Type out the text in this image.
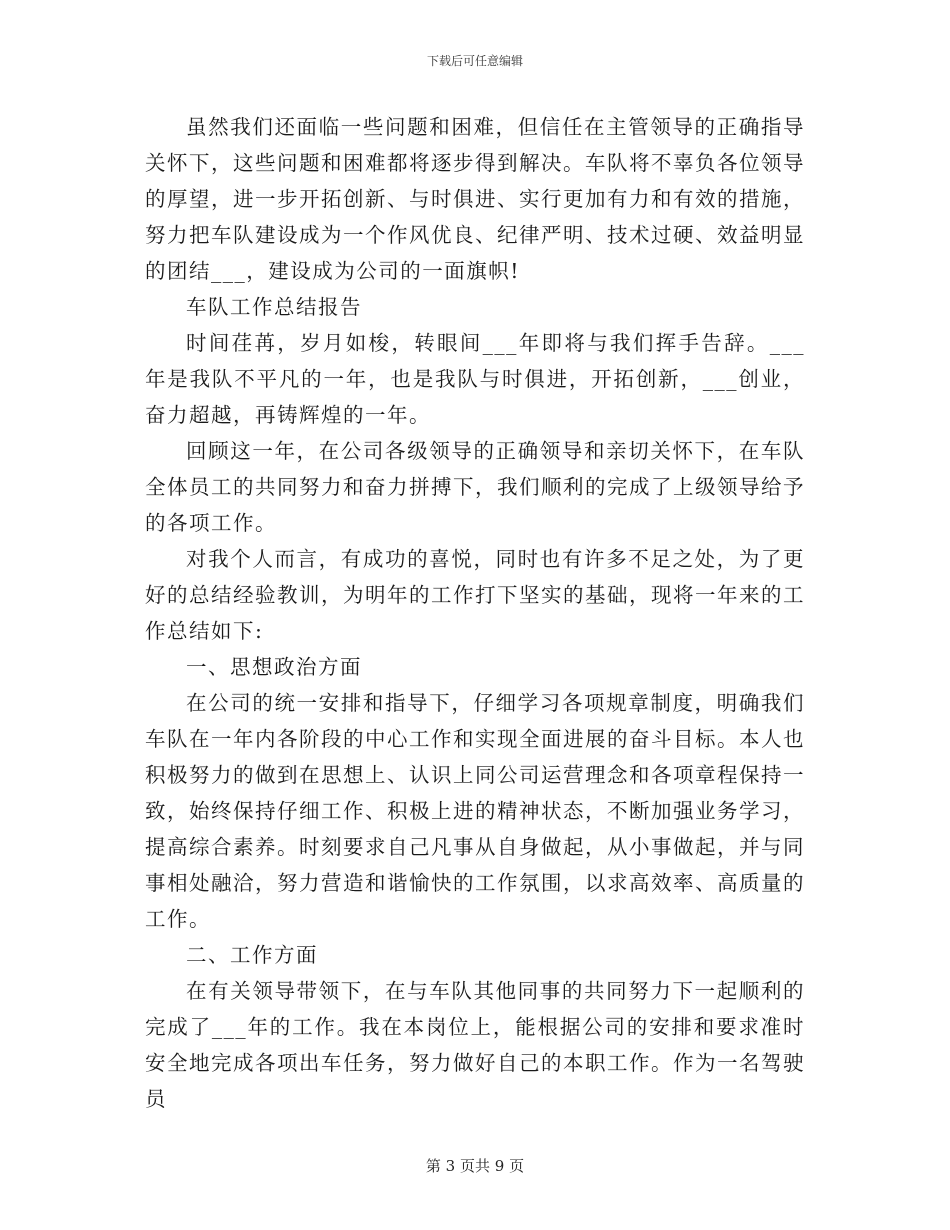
下载后可任意编辑

虽然我们还面临一些问题和困难，但信任在主管领导的正确指导关怀下，这些问题和困难都将逐步得到解决。车队将不辜负各位领导的厚望，进一步开拓创新、与时俱进、实行更加有力和有效的措施，努力把车队建设成为一个作风优良、纪律严明、技术过硬、效益明显的团结___，建设成为公司的一面旗帜!

车队工作总结报告

时间荏苒，岁月如梭，转眼间___年即将与我们挥手告辞。___年是我队不平凡的一年，也是我队与时俱进，开拓创新，___创业，奋力超越，再铸辉煌的一年。

回顾这一年，在公司各级领导的正确领导和亲切关怀下，在车队全体员工的共同努力和奋力拼搏下，我们顺利的完成了上级领导给予的各项工作。

对我个人而言，有成功的喜悦，同时也有许多不足之处，为了更好的总结经验教训，为明年的工作打下坚实的基础，现将一年来的工作总结如下:

一、思想政治方面

在公司的统一安排和指导下，仔细学习各项规章制度，明确我们车队在一年内各阶段的中心工作和实现全面进展的奋斗目标。本人也积极努力的做到在思想上、认识上同公司运营理念和各项章程保持一致，始终保持仔细工作、积极上进的精神状态，不断加强业务学习，提高综合素养。时刻要求自己凡事从自身做起，从小事做起，并与同事相处融洽，努力营造和谐愉快的工作氛围，以求高效率、高质量的工作。

二、工作方面

在有关领导带领下，在与车队其他同事的共同努力下一起顺利的完成了___年的工作。我在本岗位上，能根据公司的安排和要求准时安全地完成各项出车任务，努力做好自己的本职工作。作为一名驾驶员

第 3 页共 9 页
